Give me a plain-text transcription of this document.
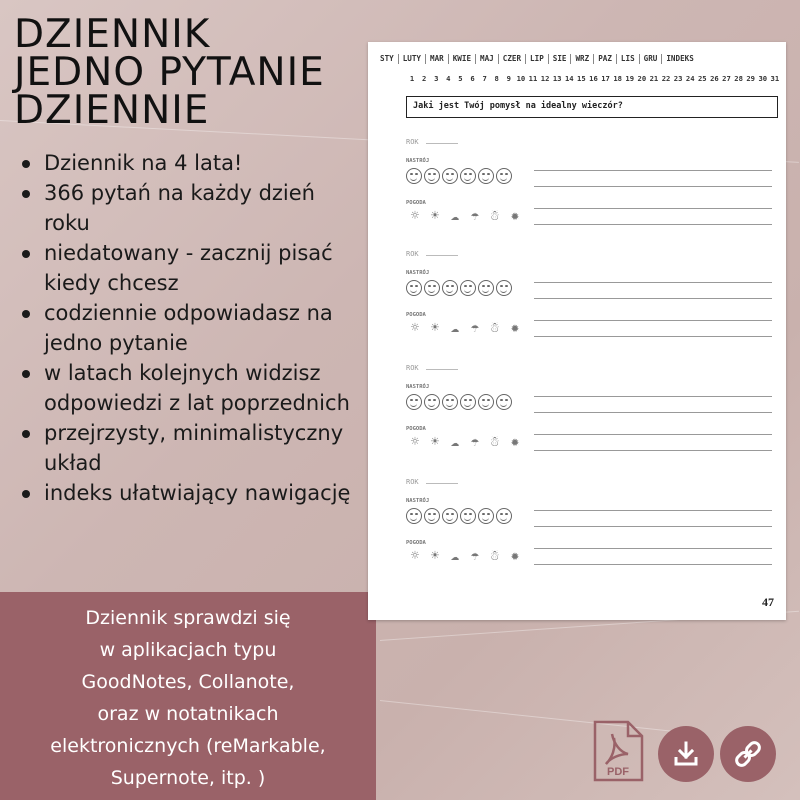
DZIENNIK
JEDNO PYTANIE
DZIENNIE
Dziennik na 4 lata!
366 pytań na każdy dzień roku
niedatowany - zacznij pisać kiedy chcesz
codziennie odpowiadasz na jedno pytanie
w latach kolejnych widzisz odpowiedzi z lat poprzednich
przejrzysty, minimalistyczny układ
indeks ułatwiający nawigację

Dziennik sprawdzi się
w aplikacjach typu
GoodNotes, Collanote,
oraz w notatnikach
elektronicznych (reMarkable,
Supernote, itp. )

STY	LUTY	MAR	KWIE	MAJ	CZER	LIP	SIE	WRZ	PAZ	LIS	GRU	INDEKS
1	2	3	4	5	6	7	8	9 10 11 12 13 14 15 16 17 18 19 20 21 22 23 24 25 26 27 28 29 30 31
Jaki jest Twój pomysł na idealny wieczór?
ROK
NASTRÓJ
POGODA
☼ ☀ ☁ ☂ ☃ ✹
ROK
NASTRÓJ
POGODA
☼ ☀ ☁ ☂ ☃ ✹
ROK
NASTRÓJ
POGODA
☼ ☀ ☁ ☂ ☃ ✹
ROK
NASTRÓJ
POGODA
☼ ☀ ☁ ☂ ☃ ✹
47
PDF
